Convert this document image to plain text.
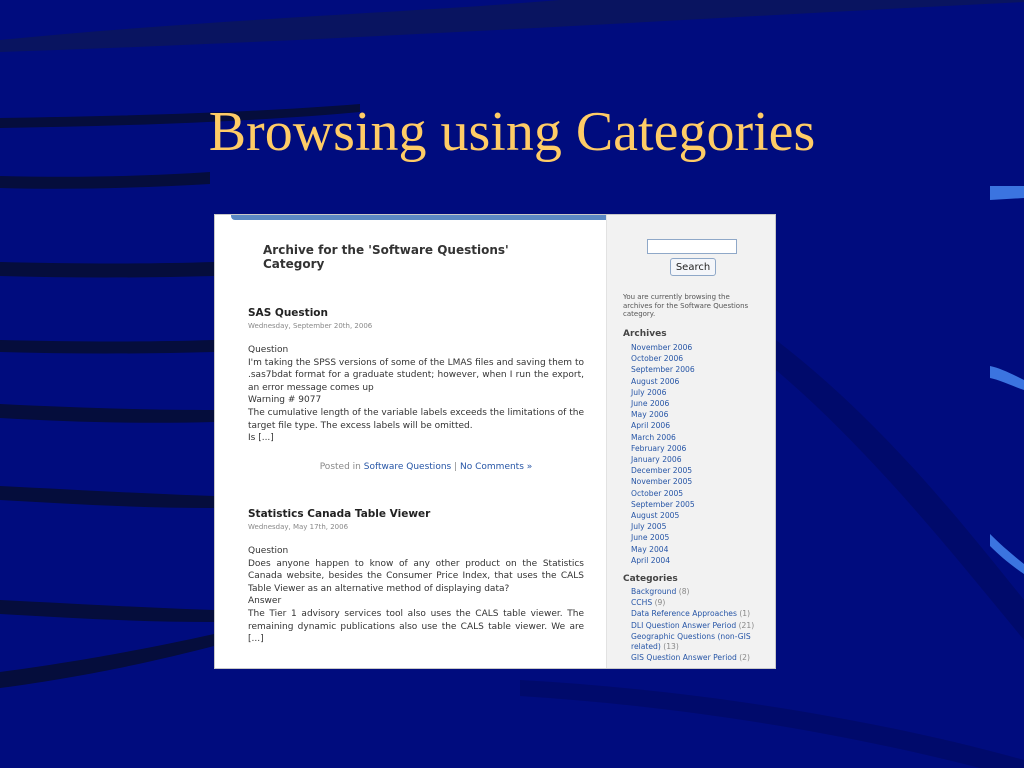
Browsing using Categories
Archive for the 'Software Questions' Category
SAS Question
Wednesday, September 20th, 2006
Question
I'm taking the SPSS versions of some of the LMAS files and saving them to .sas7bdat format for a graduate student; however, when I run the export, an error message comes up
Warning # 9077
The cumulative length of the variable labels exceeds the limitations of the target file type. The excess labels will be omitted.
Is [...]
Posted in Software Questions | No Comments »
Statistics Canada Table Viewer
Wednesday, May 17th, 2006
Question
Does anyone happen to know of any other product on the Statistics Canada website, besides the Consumer Price Index, that uses the CALS Table Viewer as an alternative method of displaying data?
Answer
The Tier 1 advisory services tool also uses the CALS table viewer. The remaining dynamic publications also use the CALS table viewer. We are [...]
Search
You are currently browsing the archives for the Software Questions category.
Archives
November 2006
October 2006
September 2006
August 2006
July 2006
June 2006
May 2006
April 2006
March 2006
February 2006
January 2006
December 2005
November 2005
October 2005
September 2005
August 2005
July 2005
June 2005
May 2004
April 2004
Categories
Background (8)
CCHS (9)
Data Reference Approaches (1)
DLI Question Answer Period (21)
Geographic Questions (non-GIS related) (13)
GIS Question Answer Period (2)
